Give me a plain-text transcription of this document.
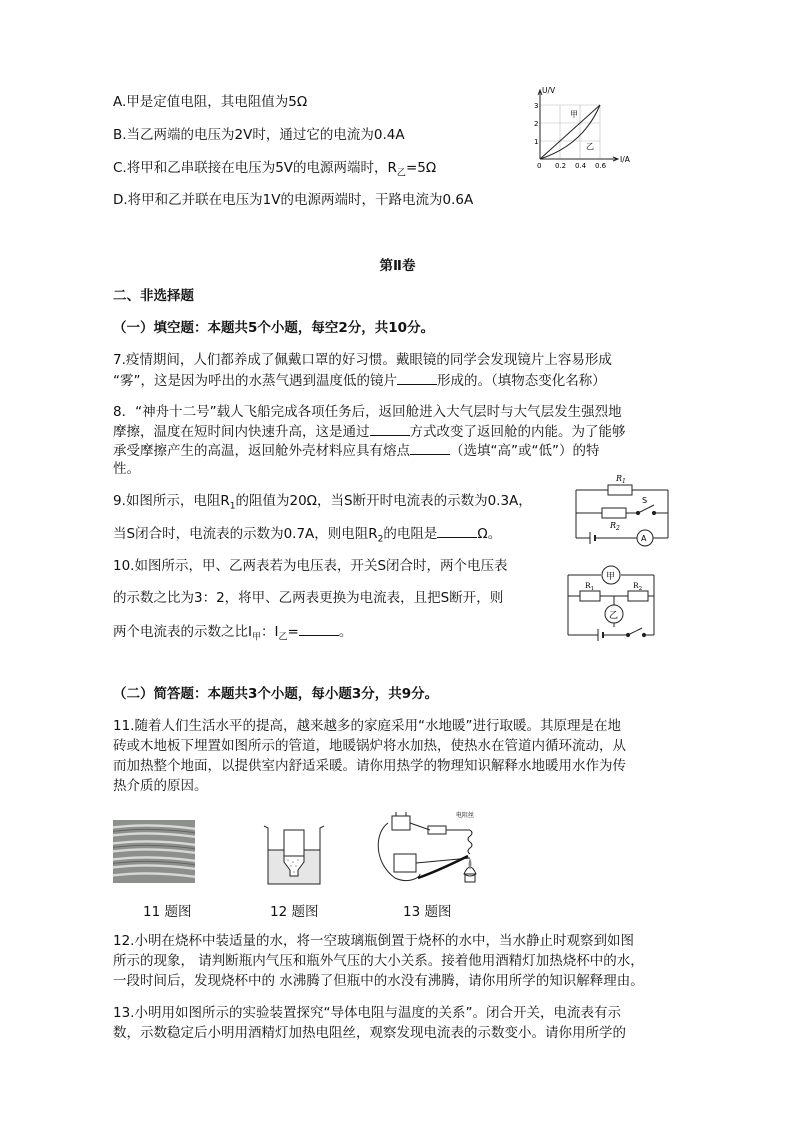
A.甲是定值电阻，其电阻值为5Ω
B.当乙两端的电压为2V时，通过它的电流为0.4A
C.将甲和乙串联接在电压为5V的电源两端时，$R_乙=5\Omega$
D.将甲和乙并联在电压为1V的电源两端时，干路电流为0.6A
U/V
I/A
3
2
1
0 0.2 0.4 0.6
甲
乙
第Ⅱ卷
二、非选择题
（一）填空题：本题共5个小题，每空2分，共10分。
7.疫情期间，人们都养成了佩戴口罩的好习惯。戴眼镜的同学会发现镜片上容易形成
“雾”，这是因为呼出的水蒸气遇到温度低的镜片	形成的。（填物态变化名称）
8．“神舟十二号”载人飞船完成各项任务后，返回舱进入大气层时与大气层发生强烈地
摩擦，温度在短时间内快速升高，这是通过	方式改变了返回舱的内能。为了能够
承受摩擦产生的高温，返回舱外壳材料应具有熔点	（选填“高”或“低”）的特
性。
9.如图所示，电阻$R_1$的阻值为20Ω，当S断开时电流表的示数为0.3A，
当S闭合时，电流表的示数为0.7A，则电阻$R_2$的电阻是	Ω。
$R_1$
$R_2$
S
A
10.如图所示，甲、乙两表若为电压表，开关S闭合时，两个电压表
的示数之比为3：2，将甲、乙两表更换为电流表，且把S断开，则
两个电流表的示数之比$I_甲$：$I_乙=$	。
甲
乙
$R_1$	$R_2$
（二）简答题：本题共3个小题，每小题3分，共9分。
11.随着人们生活水平的提高，越来越多的家庭采用“水地暖”进行取暖。其原理是在地
砖或木地板下埋置如图所示的管道，地暖锅炉将水加热，使热水在管道内循环流动，从
而加热整个地面，以提供室内舒适采暖。请你用热学的物理知识解释水地暖用水作为传
热介质的原因。
电阻丝
11 题图	12 题图	13 题图
12.小明在烧杯中装适量的水，将一空玻璃瓶倒置于烧杯的水中，当水静止时观察到如图
所示的现象， 请判断瓶内气压和瓶外气压的大小关系。接着他用酒精灯加热烧杯中的水，
一段时间后，发现烧杯中的 水沸腾了但瓶中的水没有沸腾，请你用所学的知识解释理由。
13.小明用如图所示的实验装置探究“导体电阻与温度的关系”。闭合开关，电流表有示
数，示数稳定后小明用酒精灯加热电阻丝，观察发现电流表的示数变小。请你用所学的
